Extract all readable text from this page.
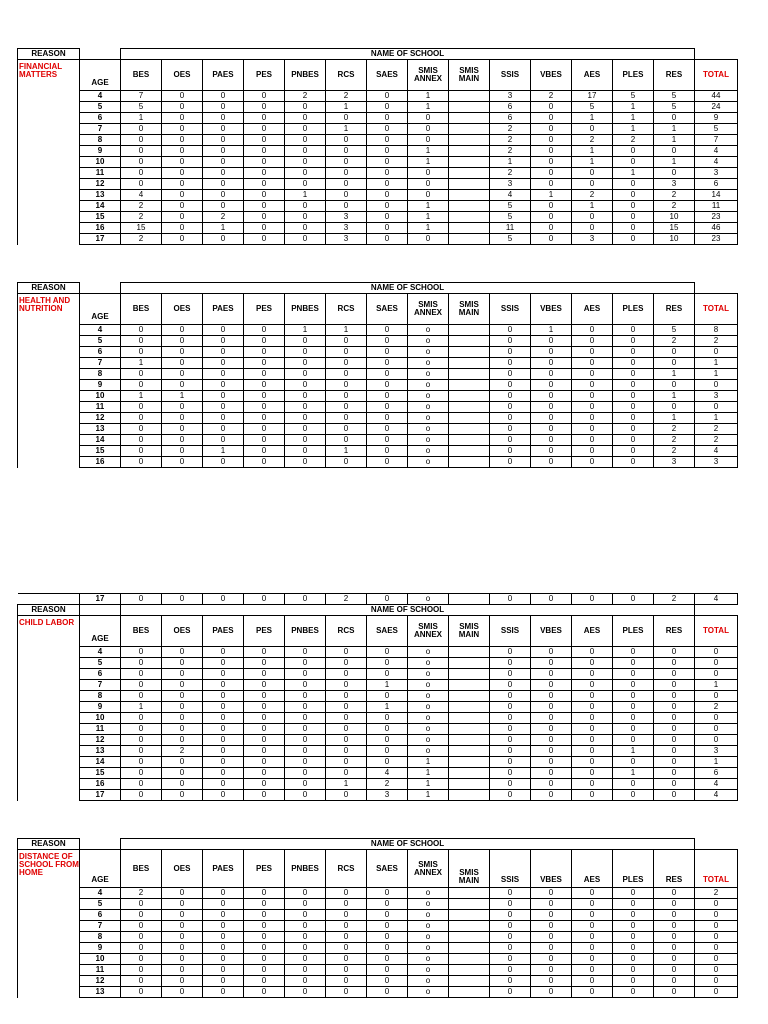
REASON		NAME OF SCHOOL														
FINANCIAL MATTERS	AGE	BES	OES	PAES	PES	PNBES	RCS	SAES	SMIS ANNEX	SMIS MAIN	SSIS	VBES	AES	PLES	RES	TOTAL
	4	7	0	0	0	2	2	0	1		3	2	17	5	5	44
	5	5	0	0	0	0	1	0	1		6	0	5	1	5	24
	6	1	0	0	0	0	0	0	0		6	0	1	1	0	9
	7	0	0	0	0	0	1	0	0		2	0	0	1	1	5
	8	0	0	0	0	0	0	0	0		2	0	2	2	1	7
	9	0	0	0	0	0	0	0	1		2	0	1	0	0	4
	10	0	0	0	0	0	0	0	1		1	0	1	0	1	4
	11	0	0	0	0	0	0	0	0		2	0	0	1	0	3
	12	0	0	0	0	0	0	0	0		3	0	0	0	3	6
	13	4	0	0	0	1	0	0	0		4	1	2	0	2	14
	14	2	0	0	0	0	0	0	1		5	0	1	0	2	11
	15	2	0	2	0	0	3	0	1		5	0	0	0	10	23
	16	15	0	1	0	0	3	0	1		11	0	0	0	15	46
	17	2	0	0	0	0	3	0	0		5	0	3	0	10	23
REASON		NAME OF SCHOOL														
HEALTH AND NUTRITION	AGE	BES	OES	PAES	PES	PNBES	RCS	SAES	SMIS ANNEX	SMIS MAIN	SSIS	VBES	AES	PLES	RES	TOTAL
	4	0	0	0	0	1	1	0	o		0	1	0	0	5	8
	5	0	0	0	0	0	0	0	o		0	0	0	0	2	2
	6	0	0	0	0	0	0	0	o		0	0	0	0	0	0
	7	1	0	0	0	0	0	0	o		0	0	0	0	0	1
	8	0	0	0	0	0	0	0	o		0	0	0	0	1	1
	9	0	0	0	0	0	0	0	o		0	0	0	0	0	0
	10	1	1	0	0	0	0	0	o		0	0	0	0	1	3
	11	0	0	0	0	0	0	0	o		0	0	0	0	0	0
	12	0	0	0	0	0	0	0	o		0	0	0	0	1	1
	13	0	0	0	0	0	0	0	o		0	0	0	0	2	2
	14	0	0	0	0	0	0	0	o		0	0	0	0	2	2
	15	0	0	1	0	0	1	0	o		0	0	0	0	2	4
	16	0	0	0	0	0	0	0	o		0	0	0	0	3	3
	17	0	0	0	0	0	2	0	o		0	0	0	0	2	4
REASON		NAME OF SCHOOL														
CHILD LABOR	AGE	BES	OES	PAES	PES	PNBES	RCS	SAES	SMIS ANNEX	SMIS MAIN	SSIS	VBES	AES	PLES	RES	TOTAL
	4	0	0	0	0	0	0	0	o		0	0	0	0	0	0
	5	0	0	0	0	0	0	0	o		0	0	0	0	0	0
	6	0	0	0	0	0	0	0	o		0	0	0	0	0	0
	7	0	0	0	0	0	0	1	o		0	0	0	0	0	1
	8	0	0	0	0	0	0	0	o		0	0	0	0	0	0
	9	1	0	0	0	0	0	1	o		0	0	0	0	0	2
	10	0	0	0	0	0	0	0	o		0	0	0	0	0	0
	11	0	0	0	0	0	0	0	o		0	0	0	0	0	0
	12	0	0	0	0	0	0	0	o		0	0	0	0	0	0
	13	0	2	0	0	0	0	0	o		0	0	0	1	0	3
	14	0	0	0	0	0	0	0	1		0	0	0	0	0	1
	15	0	0	0	0	0	0	4	1		0	0	0	1	0	6
	16	0	0	0	0	0	1	2	1		0	0	0	0	0	4
	17	0	0	0	0	0	0	3	1		0	0	0	0	0	4
REASON		NAME OF SCHOOL														
DISTANCE OF SCHOOL FROM HOME	AGE	BES	OES	PAES	PES	PNBES	RCS	SAES	SMIS ANNEX	SMIS MAIN	SSIS	VBES	AES	PLES	RES	TOTAL
	4	2	0	0	0	0	0	0	o		0	0	0	0	0	2
	5	0	0	0	0	0	0	0	o		0	0	0	0	0	0
	6	0	0	0	0	0	0	0	o		0	0	0	0	0	0
	7	0	0	0	0	0	0	0	o		0	0	0	0	0	0
	8	0	0	0	0	0	0	0	o		0	0	0	0	0	0
	9	0	0	0	0	0	0	0	o		0	0	0	0	0	0
	10	0	0	0	0	0	0	0	o		0	0	0	0	0	0
	11	0	0	0	0	0	0	0	o		0	0	0	0	0	0
	12	0	0	0	0	0	0	0	o		0	0	0	0	0	0
	13	0	0	0	0	0	0	0	o		0	0	0	0	0	0
